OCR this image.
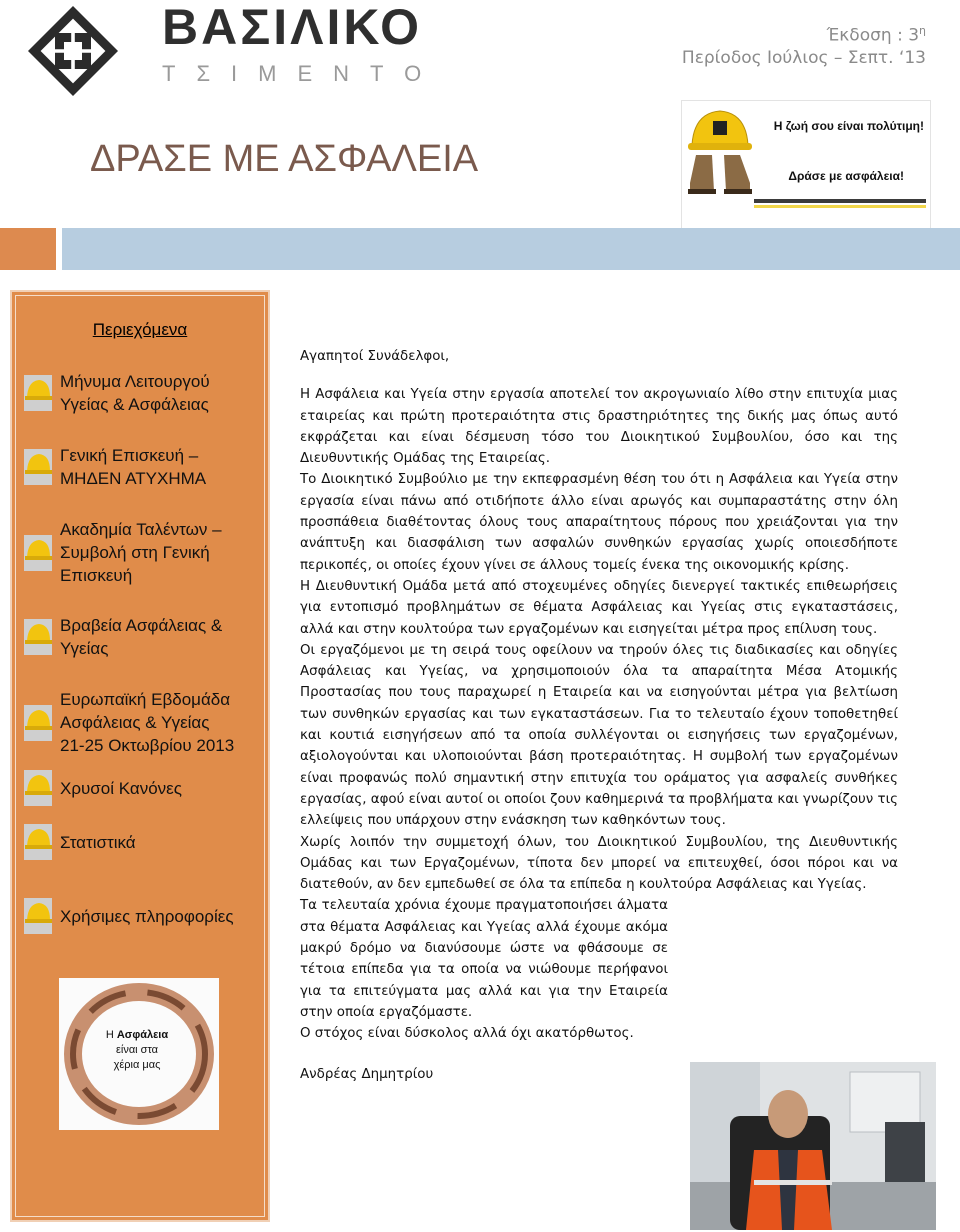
ΒΑΣΙΛΙΚΟ
ΤΣΙΜΕΝΤΟ
Έκδοση : $3^\eta$
Περίοδος Ιούλιος – Σεπτ. ‘13
ΔΡΑΣΕ ΜΕ ΑΣΦΑΛΕΙΑ
Η ζωή σου είναι πολύτιμη!
Δράσε με ασφάλεια!
Περιεχόμενα
Μήνυμα Λειτουργού
Υγείας & Ασφάλειας
Γενική Επισκευή –
ΜΗΔΕΝ ΑΤΥΧΗΜΑ
Ακαδημία Ταλέντων –
Συμβολή στη Γενική
Επισκευή
Βραβεία Ασφάλειας &
Υγείας
Ευρωπαϊκή Εβδομάδα
Ασφάλειας & Υγείας
21-25 Οκτωβρίου 2013
Χρυσοί Κανόνες
Στατιστικά
Χρήσιμες πληροφορίες
Η Ασφάλεια
είναι στα
χέρια μας

Αγαπητοί Συνάδελφοι,

Η Ασφάλεια και Υγεία στην εργασία αποτελεί τον ακρογωνιαίο λίθο στην επιτυχία μιας εταιρείας και πρώτη προτεραιότητα στις δραστηριότητες της δικής μας όπως αυτό εκφράζεται και είναι δέσμευση τόσο του Διοικητικού Συμβουλίου, όσο και της Διευθυντικής Ομάδας της Εταιρείας.

Το Διοικητικό Συμβούλιο με την εκπεφρασμένη θέση του ότι η Ασφάλεια και Υγεία στην εργασία είναι πάνω από οτιδήποτε άλλο είναι αρωγός και συμπαραστάτης στην όλη προσπάθεια διαθέτοντας όλους τους απαραίτητους πόρους που χρειάζονται για την ανάπτυξη και διασφάλιση των ασφαλών συνθηκών εργασίας χωρίς οποιεσδήποτε περικοπές, οι οποίες έχουν γίνει σε άλλους τομείς ένεκα της οικονομικής κρίσης.

Η Διευθυντική Ομάδα μετά από στοχευμένες οδηγίες διενεργεί τακτικές επιθεωρήσεις για εντοπισμό προβλημάτων σε θέματα Ασφάλειας και Υγείας στις εγκαταστάσεις, αλλά και στην κουλτούρα των εργαζομένων και εισηγείται μέτρα προς επίλυση τους.

Οι εργαζόμενοι με τη σειρά τους οφείλουν να τηρούν όλες τις διαδικασίες και οδηγίες Ασφάλειας και Υγείας, να χρησιμοποιούν όλα τα απαραίτητα Μέσα Ατομικής Προστασίας που τους παραχωρεί η Εταιρεία και να εισηγούνται μέτρα για βελτίωση των συνθηκών εργασίας και των εγκαταστάσεων. Για το τελευταίο έχουν τοποθετηθεί και κουτιά εισηγήσεων από τα οποία συλλέγονται οι εισηγήσεις των εργαζομένων, αξιολογούνται και υλοποιούνται βάση προτεραιότητας. Η συμβολή των εργαζομένων είναι προφανώς πολύ σημαντική στην επιτυχία του οράματος για ασφαλείς συνθήκες εργασίας, αφού είναι αυτοί οι οποίοι ζουν καθημερινά τα προβλήματα και γνωρίζουν τις ελλείψεις που υπάρχουν στην ενάσκηση των καθηκόντων τους.

Χωρίς λοιπόν την συμμετοχή όλων, του Διοικητικού Συμβουλίου, της Διευθυντικής Ομάδας και των Εργαζομένων, τίποτα δεν μπορεί να επιτευχθεί, όσοι πόροι και να διατεθούν, αν δεν εμπεδωθεί σε όλα τα επίπεδα η κουλτούρα Ασφάλειας και Υγείας.

Τα τελευταία χρόνια έχουμε πραγματοποιήσει άλματα στα θέματα Ασφάλειας και Υγείας αλλά έχουμε ακόμα μακρύ δρόμο να διανύσουμε ώστε να φθάσουμε σε τέτοια επίπεδα για τα οποία να νιώθουμε περήφανοι για τα επιτεύγματα μας αλλά και για την Εταιρεία στην οποία εργαζόμαστε.

Ο στόχος είναι δύσκολος αλλά όχι ακατόρθωτος.

Ανδρέας Δημητρίου
